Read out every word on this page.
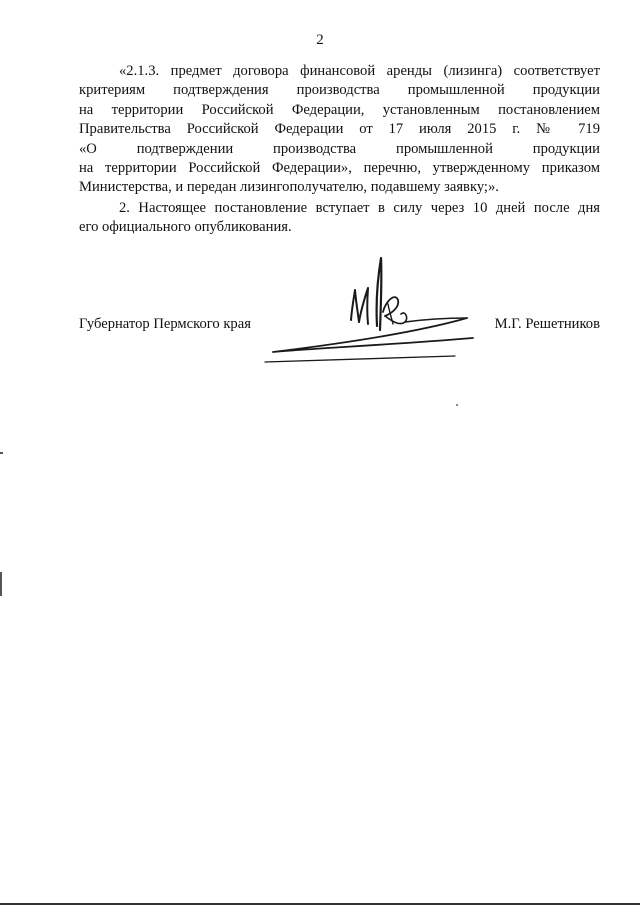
2
«2.1.3. предмет договора финансовой аренды (лизинга) соответствует
критериям подтверждения производства промышленной продукции
на территории Российской Федерации, установленным постановлением
Правительства Российской Федерации от 17 июля 2015 г. № 719
«О подтверждении производства промышленной продукции
на территории Российской Федерации», перечню, утвержденному приказом
Министерства, и передан лизингополучателю, подавшему заявку;».
2. Настоящее постановление вступает в силу через 10 дней после дня
его официального опубликования.
Губернатор Пермского края	М.Г. Решетников
